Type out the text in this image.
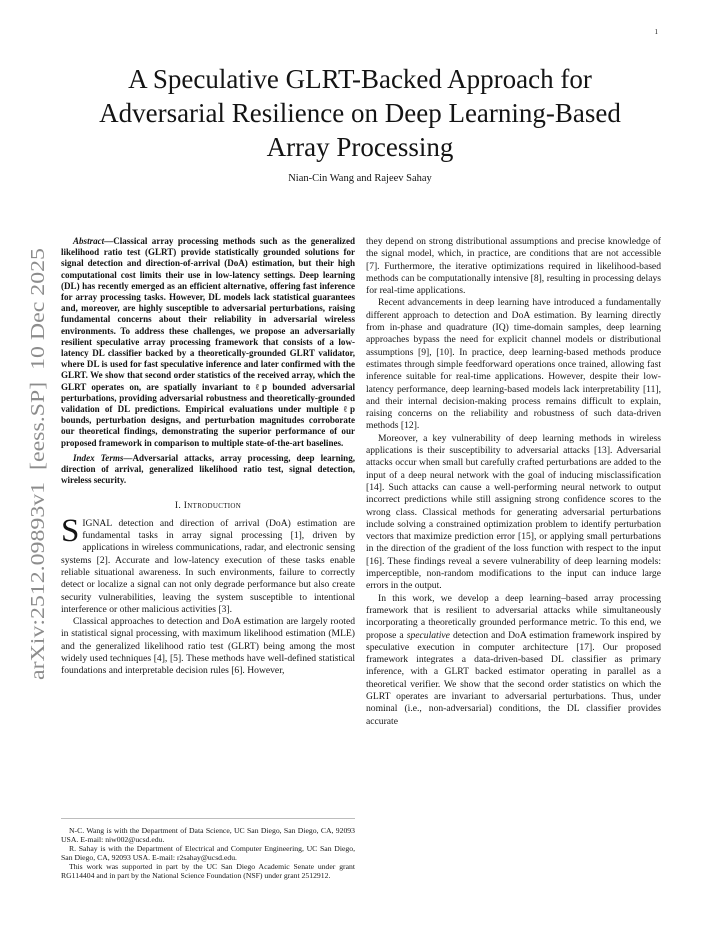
1
arXiv:2512.09893v1  [eess.SP]  10 Dec 2025
A Speculative GLRT-Backed Approach for
Adversarial Resilience on Deep Learning-Based
Array Processing
Nian-Cin Wang and Rajeev Sahay

Abstract—Classical array processing methods such as the generalized likelihood ratio test (GLRT) provide statistically grounded solutions for signal detection and direction-of-arrival (DoA) estimation, but their high computational cost limits their use in low-latency settings. Deep learning (DL) has recently emerged as an efficient alternative, offering fast inference for array processing tasks. However, DL models lack statistical guarantees and, moreover, are highly susceptible to adversarial perturbations, raising fundamental concerns about their reliability in adversarial wireless environments. To address these challenges, we propose an adversarially resilient speculative array processing framework that consists of a low-latency DL classifier backed by a theoretically-grounded GLRT validator, where DL is used for fast speculative inference and later confirmed with the GLRT. We show that second order statistics of the received array, which the GLRT operates on, are spatially invariant to ℓp bounded adversarial perturbations, providing adversarial robustness and theoretically-grounded validation of DL predictions. Empirical evaluations under multiple ℓp bounds, perturbation designs, and perturbation magnitudes corroborate our theoretical findings, demonstrating the superior performance of our proposed framework in comparison to multiple state-of-the-art baselines.

Index Terms—Adversarial attacks, array processing, deep learning, direction of arrival, generalized likelihood ratio test, signal detection, wireless security.

I. Introduction

SIGNAL detection and direction of arrival (DoA) estimation are fundamental tasks in array signal processing [1], driven by applications in wireless communications, radar, and electronic sensing systems [2]. Accurate and low-latency execution of these tasks enable reliable situational awareness. In such environments, failure to correctly detect or localize a signal can not only degrade performance but also create security vulnerabilities, leaving the system susceptible to intentional interference or other malicious activities [3].

Classical approaches to detection and DoA estimation are largely rooted in statistical signal processing, with maximum likelihood estimation (MLE) and the generalized likelihood ratio test (GLRT) being among the most widely used techniques [4], [5]. These methods have well-defined statistical foundations and interpretable decision rules [6]. However,

N-C. Wang is with the Department of Data Science, UC San Diego, San Diego, CA, 92093 USA. E-mail: niw002@ucsd.edu.

R. Sahay is with the Department of Electrical and Computer Engineering, UC San Diego, San Diego, CA, 92093 USA. E-mail: r2sahay@ucsd.edu.

This work was supported in part by the UC San Diego Academic Senate under grant RG114404 and in part by the National Science Foundation (NSF) under grant 2512912.

they depend on strong distributional assumptions and precise knowledge of the signal model, which, in practice, are conditions that are not accessible [7]. Furthermore, the iterative optimizations required in likelihood-based methods can be computationally intensive [8], resulting in processing delays for real-time applications.

Recent advancements in deep learning have introduced a fundamentally different approach to detection and DoA estimation. By learning directly from in-phase and quadrature (IQ) time-domain samples, deep learning approaches bypass the need for explicit channel models or distributional assumptions [9], [10]. In practice, deep learning-based methods produce estimates through simple feedforward operations once trained, allowing fast inference suitable for real-time applications. However, despite their low-latency performance, deep learning-based models lack interpretability [11], and their internal decision-making process remains difficult to explain, raising concerns on the reliability and robustness of such data-driven methods [12].

Moreover, a key vulnerability of deep learning methods in wireless applications is their susceptibility to adversarial attacks [13]. Adversarial attacks occur when small but carefully crafted perturbations are added to the input of a deep neural network with the goal of inducing misclassification [14]. Such attacks can cause a well-performing neural network to output incorrect predictions while still assigning strong confidence scores to the wrong class. Classical methods for generating adversarial perturbations include solving a constrained optimization problem to identify perturbation vectors that maximize prediction error [15], or applying small perturbations in the direction of the gradient of the loss function with respect to the input [16]. These findings reveal a severe vulnerability of deep learning models: imperceptible, non-random modifications to the input can induce large errors in the output.

In this work, we develop a deep learning–based array processing framework that is resilient to adversarial attacks while simultaneously incorporating a theoretically grounded performance metric. To this end, we propose a speculative detection and DoA estimation framework inspired by speculative execution in computer architecture [17]. Our proposed framework integrates a data-driven-based DL classifier as primary inference, with a GLRT backed estimator operating in parallel as a theoretical verifier. We show that the second order statistics on which the GLRT operates are invariant to adversarial perturbations. Thus, under nominal (i.e., non-adversarial) conditions, the DL classifier provides accurate
